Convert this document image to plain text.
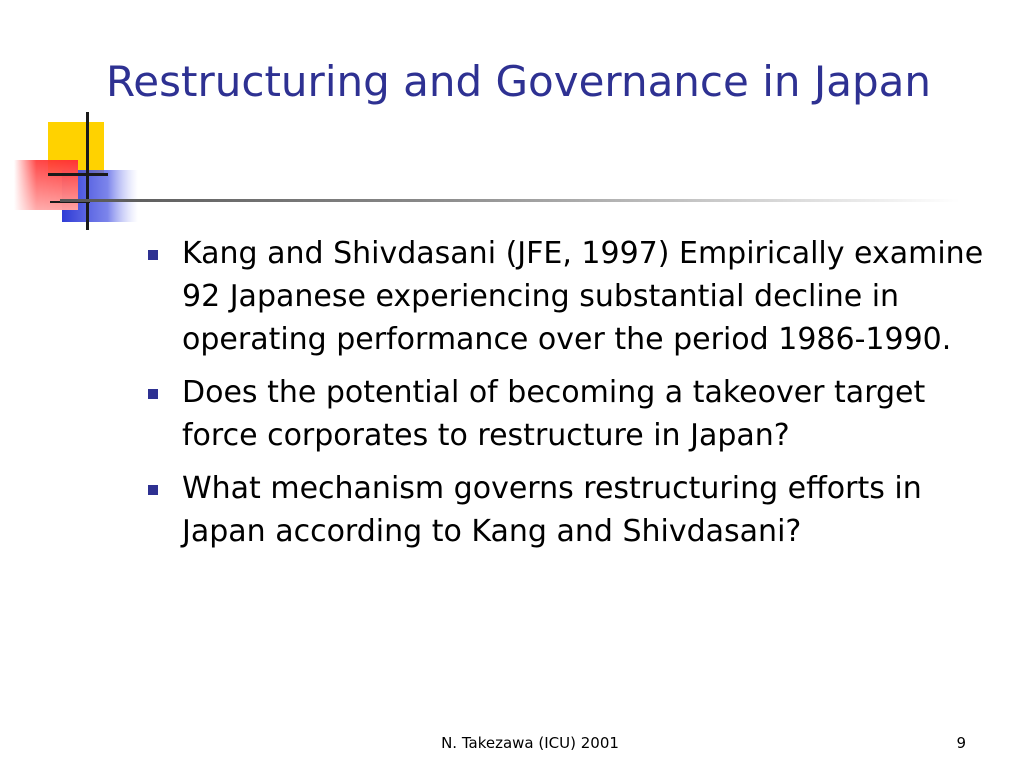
Restructuring and Governance in Japan
Kang and Shivdasani (JFE, 1997) Empirically examine 92 Japanese experiencing substantial decline in operating performance over the period 1986-1990.
Does the potential of becoming a takeover target force corporates to restructure in Japan?
What mechanism governs restructuring efforts in Japan according to Kang and Shivdasani?
N. Takezawa (ICU) 2001	9
